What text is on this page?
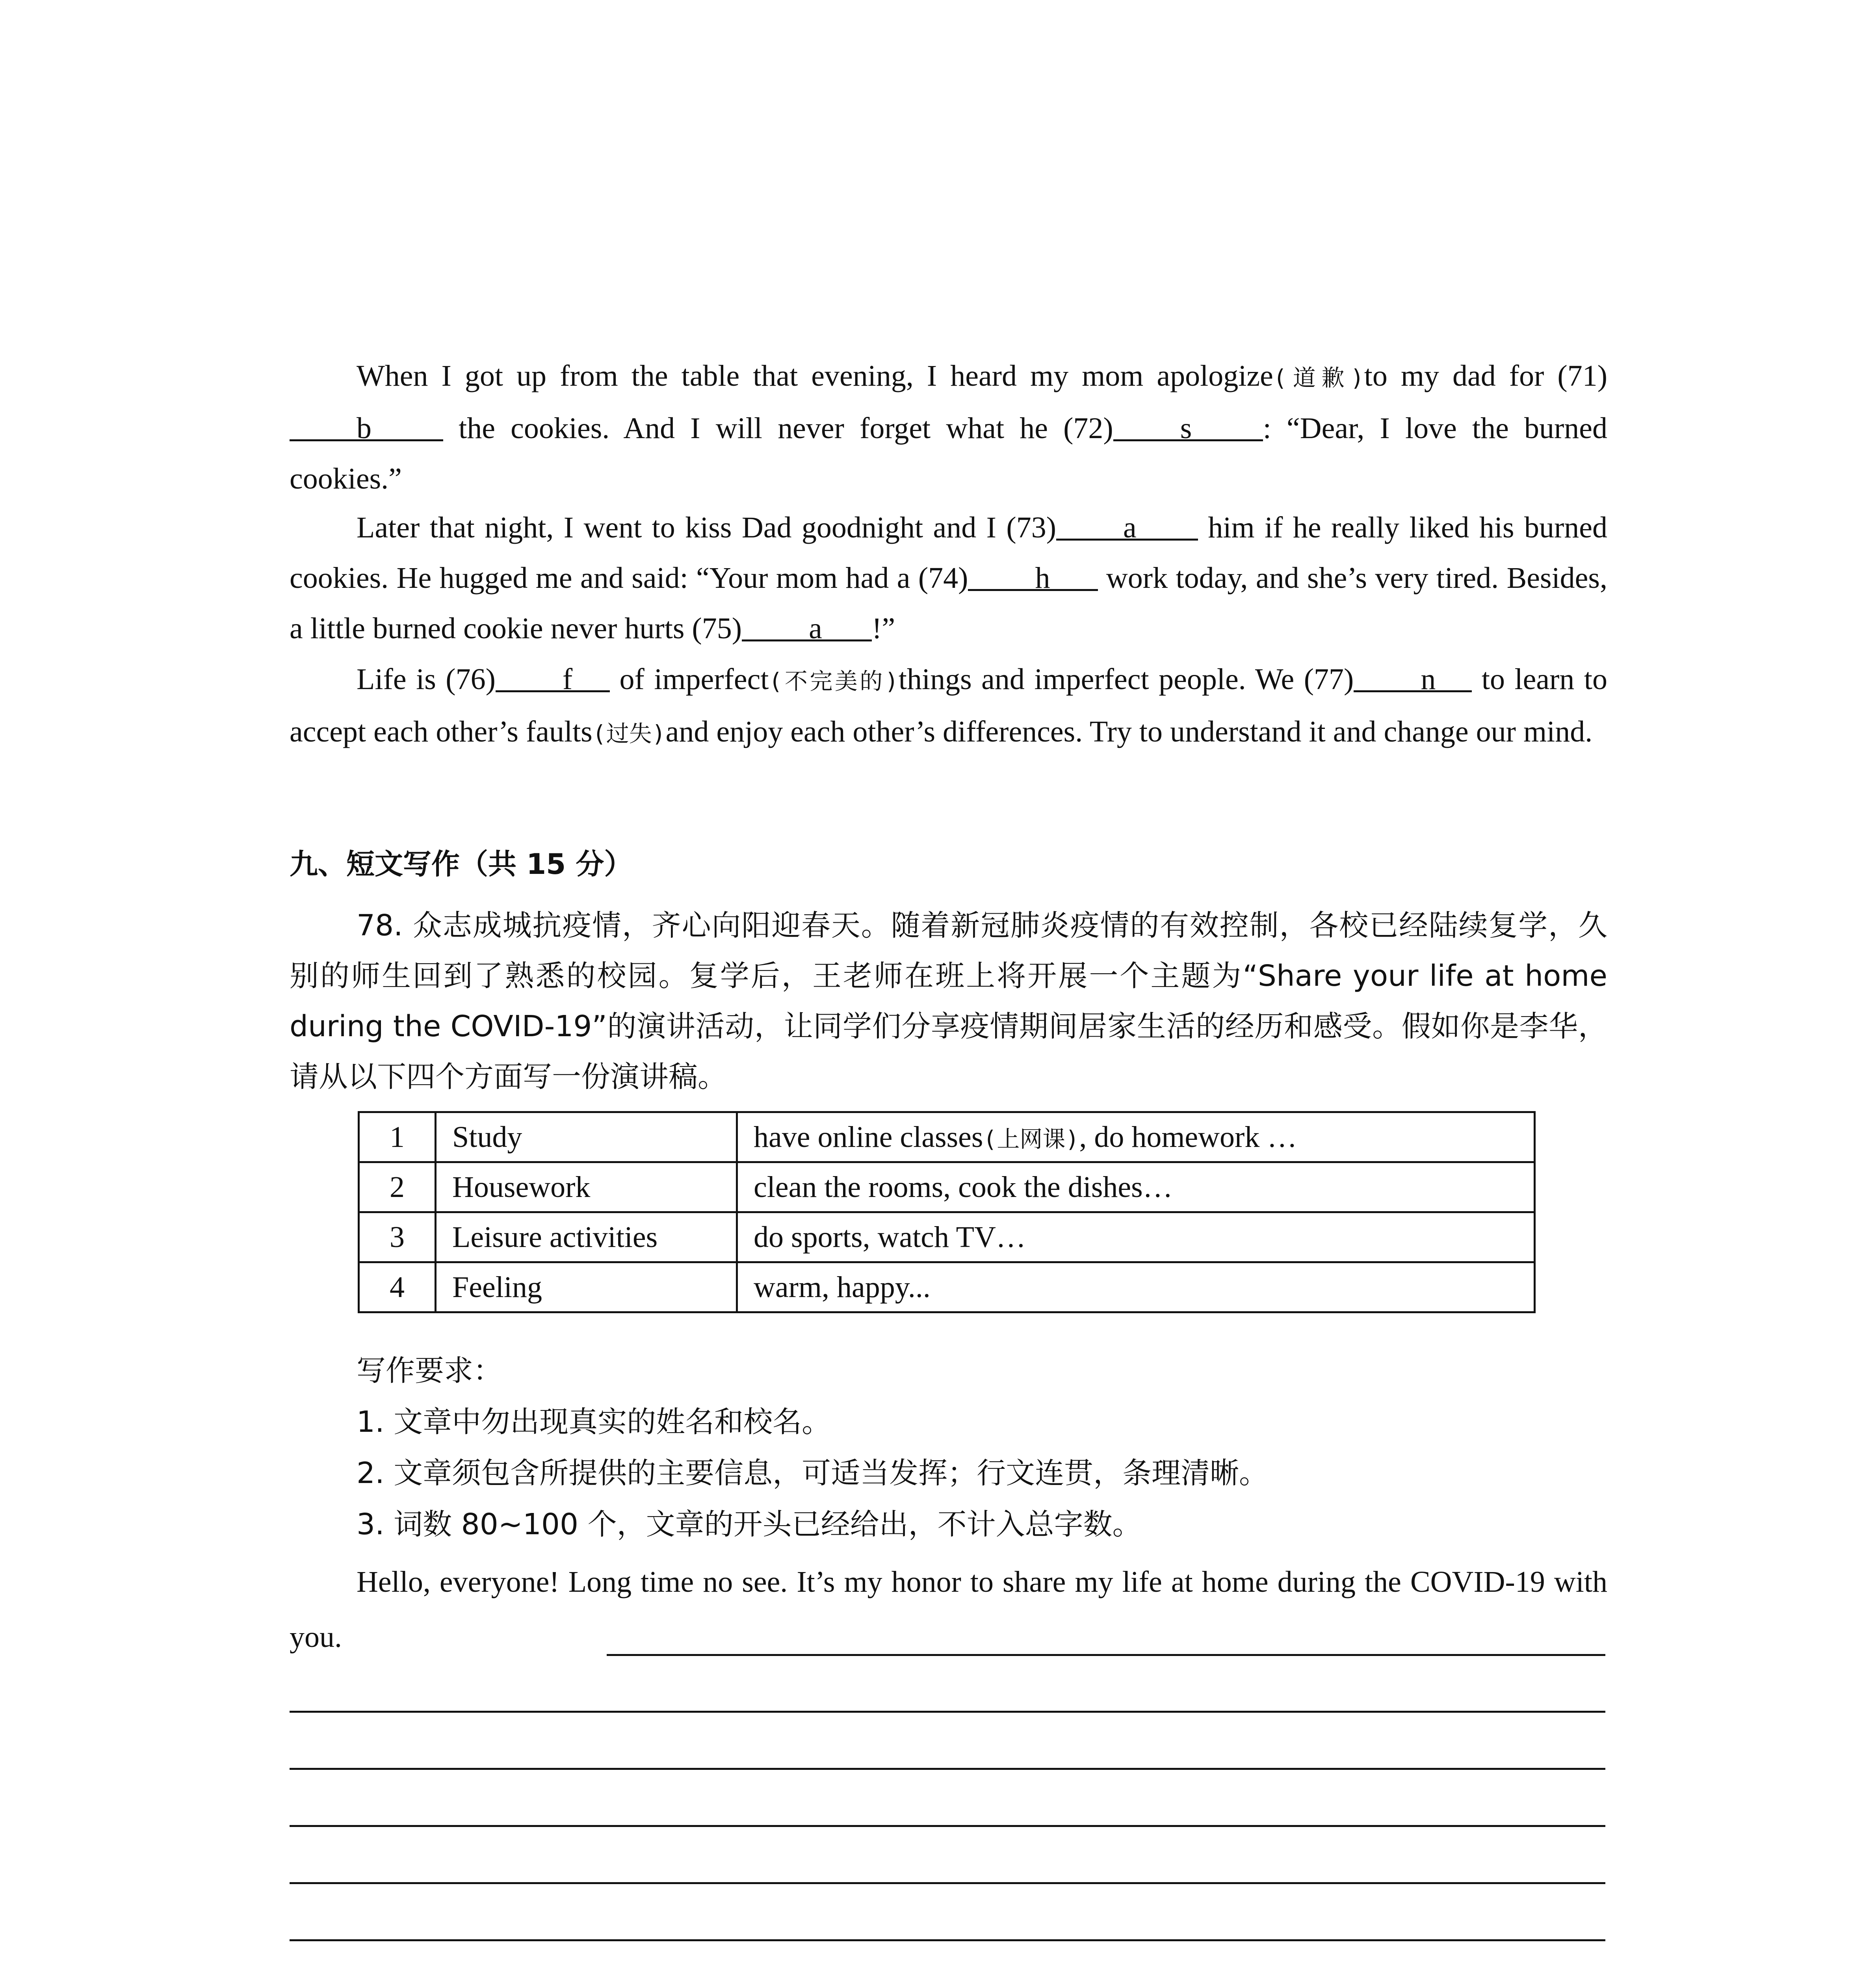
When I got up from the table that evening, I heard my mom apologize(道歉)to my dad for (71)b the cookies. And I will never forget what he (72) s : “Dear, I love the burned cookies.”

Later that night, I went to kiss Dad goodnight and I (73) a him if he really liked his burned cookies. He hugged me and said: “Your mom had a (74) h work today, and she’s very tired. Besides, a little burned cookie never hurts (75) a !”

Life is (76) f of imperfect(不完美的)things and imperfect people. We (77) n to learn to accept each other’s faults(过失)and enjoy each other’s differences. Try to understand it and change our mind.

九、短文写作（共 15 分）

78. 众志成城抗疫情，齐心向阳迎春天。随着新冠肺炎疫情的有效控制，各校已经陆续复学，久别的师生回到了熟悉的校园。复学后，王老师在班上将开展一个主题为“Share your life at home during the COVID-19”的演讲活动，让同学们分享疫情期间居家生活的经历和感受。假如你是李华，请从以下四个方面写一份演讲稿。

1	Study	have online classes(上网课), do homework …
2	Housework	clean the rooms, cook the dishes…
3	Leisure activities	do sports, watch TV…
4	Feeling	warm, happy...
写作要求：
1. 文章中勿出现真实的姓名和校名。
2. 文章须包含所提供的主要信息，可适当发挥；行文连贯，条理清晰。
3. 词数 80~100 个，文章的开头已经给出，不计入总字数。

Hello, everyone! Long time no see. It’s my honor to share my life at home during the COVID-19 with you.
